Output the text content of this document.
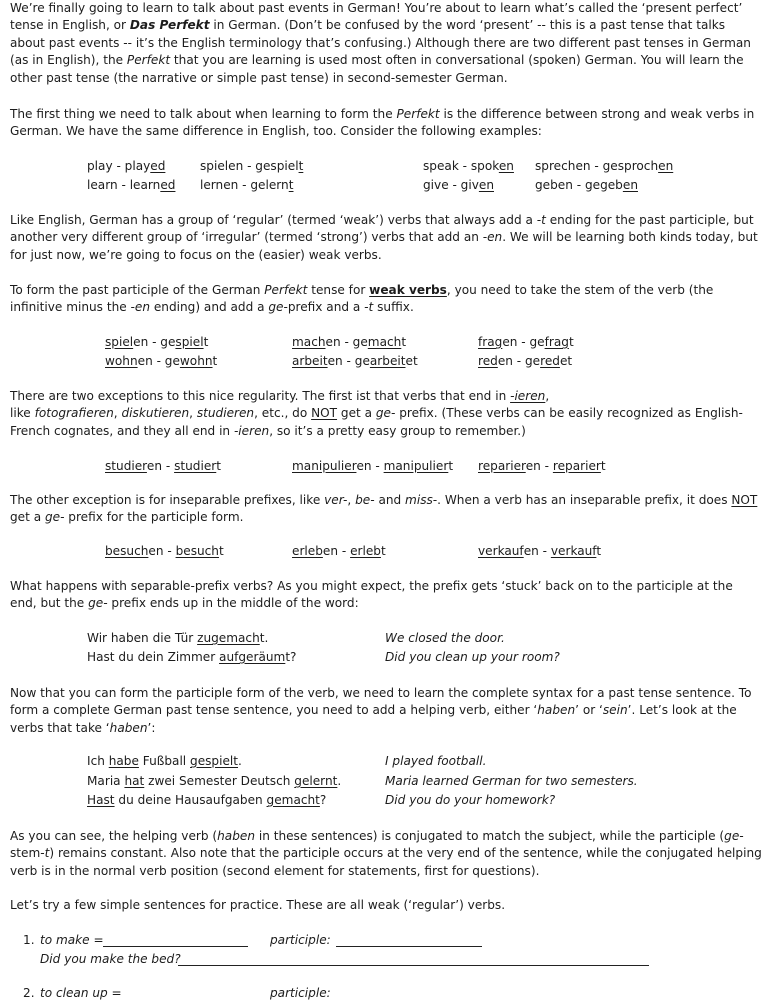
We’re finally going to learn to talk about past events in German! You’re about to learn what’s called the ‘present perfect’ tense in English, or Das Perfekt in German. (Don’t be confused by the word ‘present’ -- this is a past tense that talks about past events -- it’s the English terminology that’s confusing.) Although there are two different past tenses in German (as in English), the Perfekt that you are learning is used most often in conversational (spoken) German. You will learn the other past tense (the narrative or simple past tense) in second-semester German.

The first thing we need to talk about when learning to form the Perfekt is the difference between strong and weak verbs in German. We have the same difference in English, too. Consider the following examples:

play - played	spielen - gespielt	speak - spoken sprechen - gesprochen
learn - learned lernen - gelernt	give - given	geben - gegeben

Like English, German has a group of ‘regular’ (termed ‘weak’) verbs that always add a -t ending for the past participle, but another very different group of ‘irregular’ (termed ‘strong’) verbs that add an -en. We will be learning both kinds today, but for just now, we’re going to focus on the (easier) weak verbs.

To form the past participle of the German Perfekt tense for weak verbs, you need to take the stem of the verb (the infinitive minus the -en ending) and add a ge-prefix and a -t suffix.

spielen - gespielt	machen - gemacht	fragen - gefragt
wohnen - gewohnt	arbeiten - gearbeitet	reden - geredet

There are two exceptions to this nice regularity. The first ist that verbs that end in -ieren,
like fotografieren, diskutieren, studieren, etc., do NOT get a ge- prefix. (These verbs can be easily recognized as English-French cognates, and they all end in -ieren, so it’s a pretty easy group to remember.)

studieren - studiert	manipulieren - manipuliert reparieren - repariert

The other exception is for inseparable prefixes, like ver-, be- and miss-. When a verb has an inseparable prefix, it does NOT get a ge- prefix for the participle form.

besuchen - besucht	erleben - erlebt	verkaufen - verkauft

What happens with separable-prefix verbs? As you might expect, the prefix gets ‘stuck’ back on to the participle at the end, but the ge- prefix ends up in the middle of the word:

Wir haben die Tür zugemacht.	We closed the door.
Hast du dein Zimmer aufgeräumt?	Did you clean up your room?

Now that you can form the participle form of the verb, we need to learn the complete syntax for a past tense sentence. To form a complete German past tense sentence, you need to add a helping verb, either ‘haben’ or ‘sein’. Let’s look at the verbs that take ‘haben’:

Ich habe Fußball gespielt.	I played football.
Maria hat zwei Semester Deutsch gelernt.	Maria learned German for two semesters.
Hast du deine Hausaufgaben gemacht?	Did you do your homework?

As you can see, the helping verb (haben in these sentences) is conjugated to match the subject, while the participle (ge-stem-t) remains constant. Also note that the participle occurs at the very end of the sentence, while the conjugated helping verb is in the normal verb position (second element for statements, first for questions).

Let’s try a few simple sentences for practice. These are all weak (‘regular’) verbs.

1. to make =	participle:
Did you make the bed?
2. to clean up =	participle:
